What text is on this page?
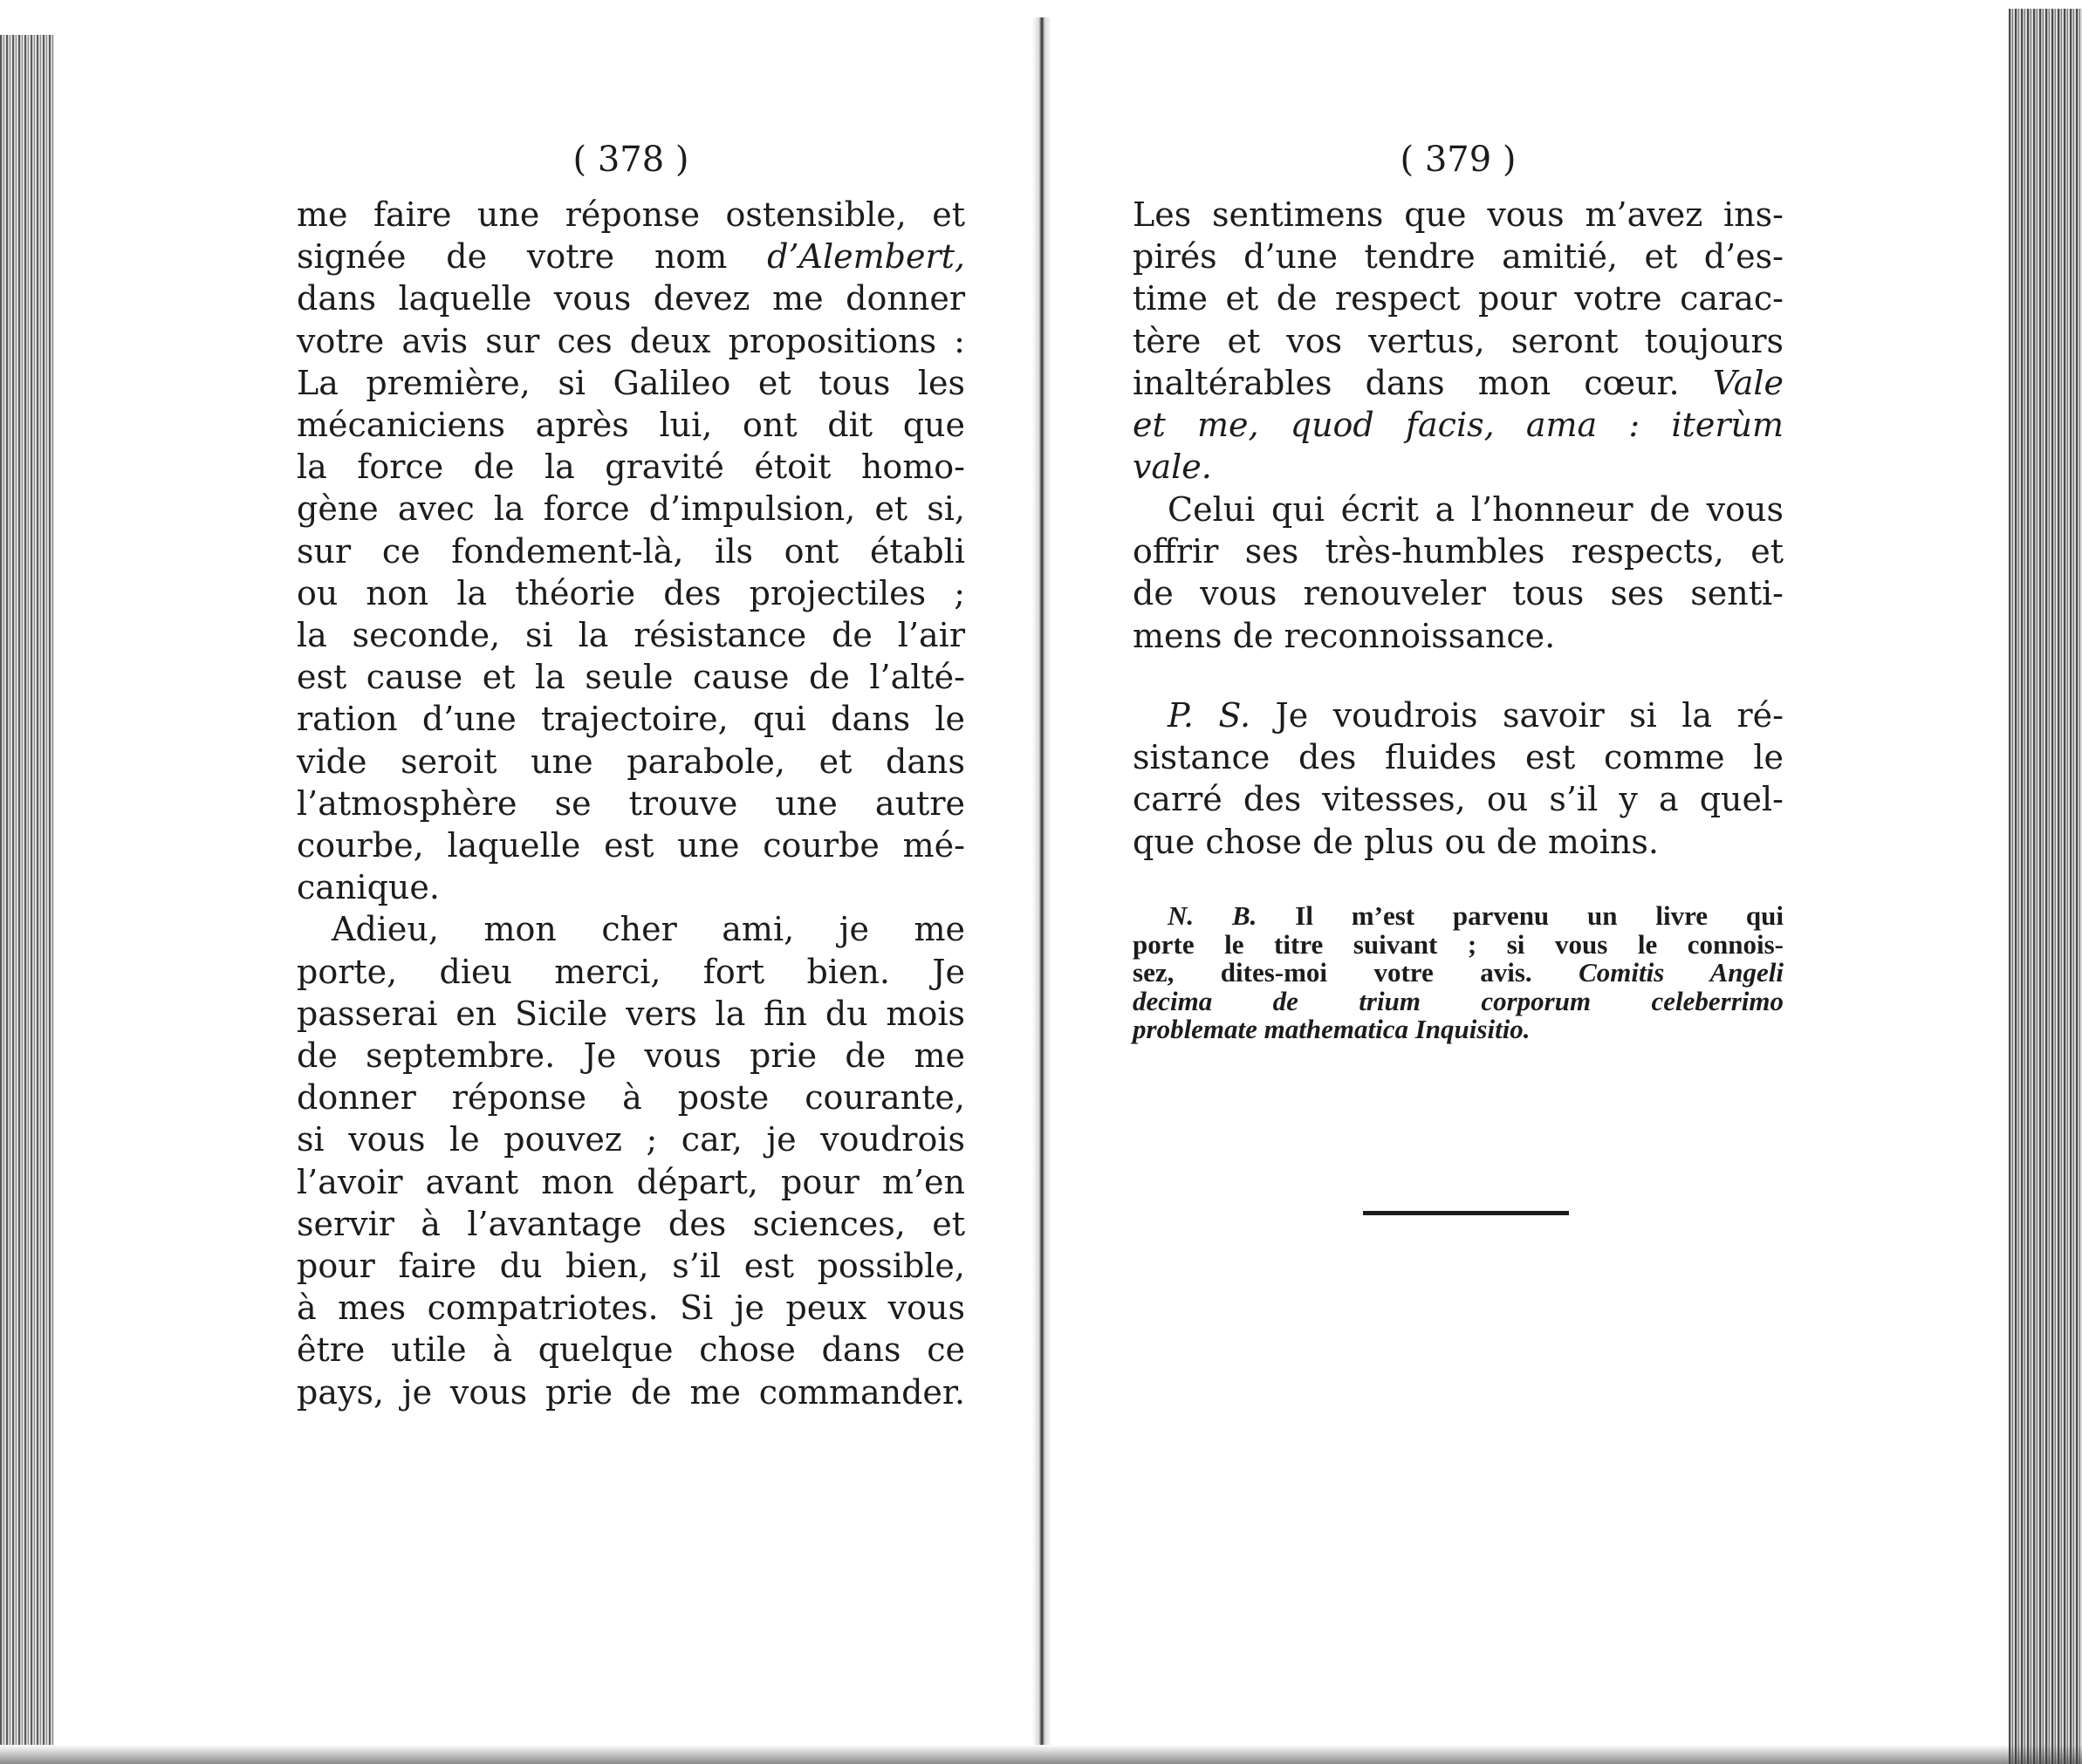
( 378 )
me faire une réponse ostensible, et
signée de votre nom d’Alembert,
dans laquelle vous devez me donner
votre avis sur ces deux propositions :
La première, si Galileo et tous les
mécaniciens après lui, ont dit que
la force de la gravité étoit homo-
gène avec la force d’impulsion, et si,
sur ce fondement-là, ils ont établi
ou non la théorie des projectiles ;
la seconde, si la résistance de l’air
est cause et la seule cause de l’alté-
ration d’une trajectoire, qui dans le
vide seroit une parabole, et dans
l’atmosphère se trouve une autre
courbe, laquelle est une courbe mé-
canique.
Adieu, mon cher ami, je me
porte, dieu merci, fort bien. Je
passerai en Sicile vers la fin du mois
de septembre. Je vous prie de me
donner réponse à poste courante,
si vous le pouvez ; car, je voudrois
l’avoir avant mon départ, pour m’en
servir à l’avantage des sciences, et
pour faire du bien, s’il est possible,
à mes compatriotes. Si je peux vous
être utile à quelque chose dans ce
pays, je vous prie de me commander.
( 379 )
Les sentimens que vous m’avez ins-
pirés d’une tendre amitié, et d’es-
time et de respect pour votre carac-
tère et vos vertus, seront toujours
inaltérables dans mon cœur. Vale
et me, quod facis, ama : iterùm
vale.
Celui qui écrit a l’honneur de vous
offrir ses très-humbles respects, et
de vous renouveler tous ses senti-
mens de reconnoissance.
P. S. Je voudrois savoir si la ré-
sistance des fluides est comme le
carré des vitesses, ou s’il y a quel-
que chose de plus ou de moins.
N. B. Il m’est parvenu un livre qui
porte le titre suivant ; si vous le connois-
sez, dites-moi votre avis. Comitis Angeli
decima de trium corporum celeberrimo
problemate mathematica Inquisitio.
